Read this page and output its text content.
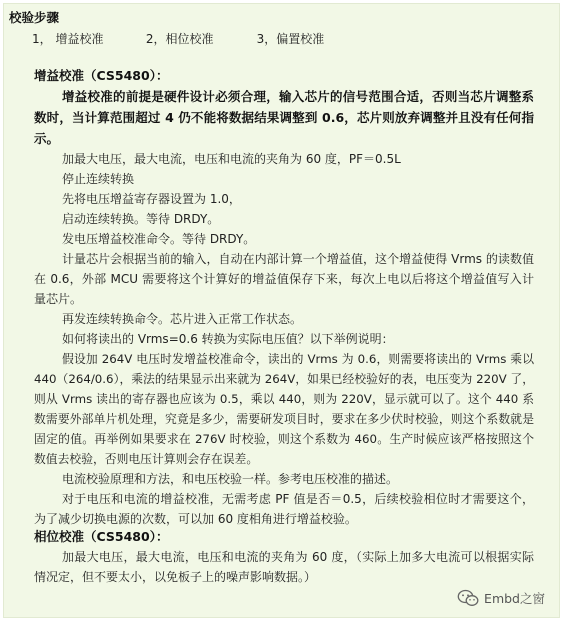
校验步骤
1， 增益校准	2，相位校准	3，偏置校准
增益校准（CS5480）：

增益校准的前提是硬件设计必须合理，输入芯片的信号范围合适，否则当芯片调整系数时，当计算范围超过 4 仍不能将数据结果调整到 0.6，芯片则放弃调整并且没有任何指示。

加最大电压，最大电流，电压和电流的夹角为 60 度，PF＝0.5L

停止连续转换

先将电压增益寄存器设置为 1.0，

启动连续转换。等待 DRDY。

发电压增益校准命令。等待 DRDY。

计量芯片会根据当前的输入，自动在内部计算一个增益值，这个增益使得 Vrms 的读数值在 0.6，外部 MCU 需要将这个计算好的增益值保存下来，每次上电以后将这个增益值写入计量芯片。

再发连续转换命令。芯片进入正常工作状态。

如何将读出的 Vrms=0.6 转换为实际电压值？以下举例说明：

假设加 264V 电压时发增益校准命令，读出的 Vrms 为 0.6，则需要将读出的 Vrms 乘以 440（264/0.6），乘法的结果显示出来就为 264V，如果已经校验好的表，电压变为 220V 了，则从 Vrms 读出的寄存器也应该为 0.5，乘以 440，则为 220V，显示就可以了。这个 440 系数需要外部单片机处理，究竟是多少，需要研发项目时，要求在多少伏时校验，则这个系数就是固定的值。再举例如果要求在 276V 时校验，则这个系数为 460。生产时候应该严格按照这个数值去校验，否则电压计算则会存在误差。

电流校验原理和方法，和电压校验一样。参考电压校准的描述。

对于电压和电流的增益校准，无需考虑 PF 值是否＝0.5，后续校验相位时才需要这个，为了减少切换电源的次数，可以加 60 度相角进行增益校验。

相位校准（CS5480）：

加最大电压，最大电流，电压和电流的夹角为 60 度，（实际上加多大电流可以根据实际情况定，但不要太小，以免板子上的噪声影响数据。）

Embd之窗
